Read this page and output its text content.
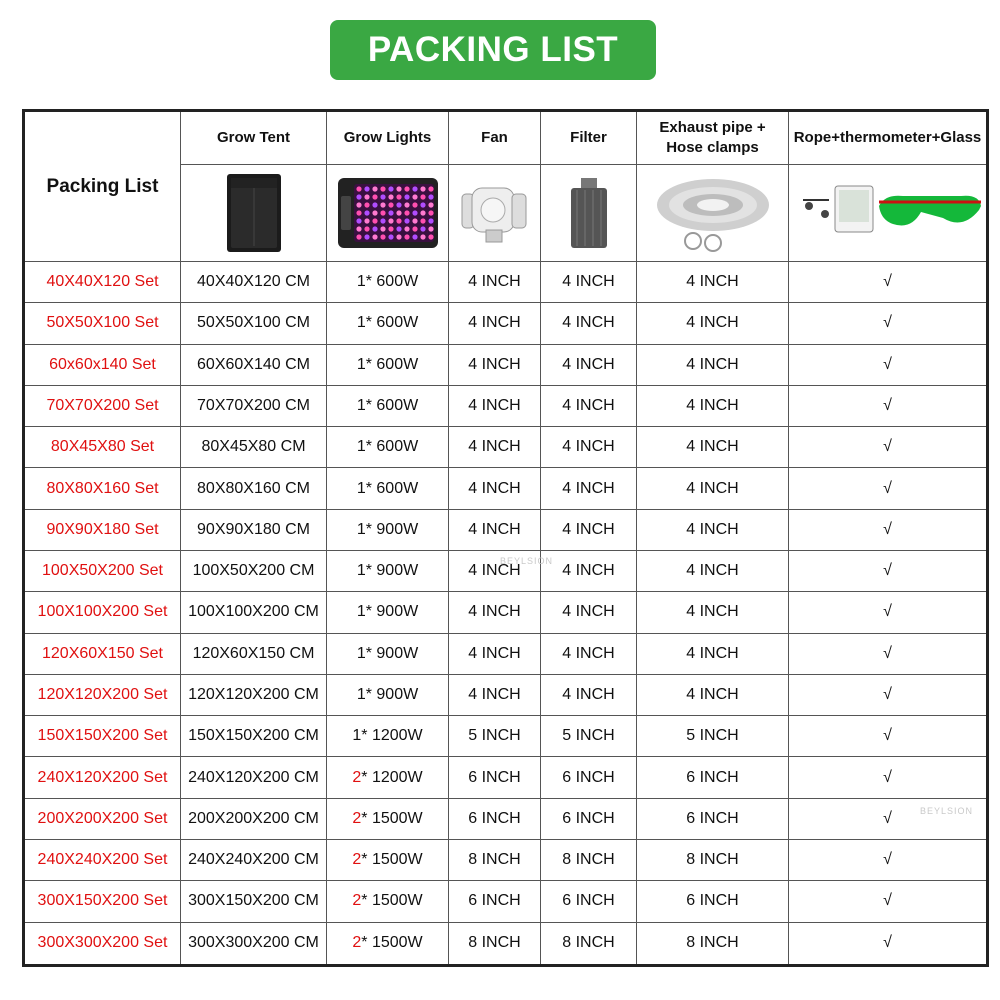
PACKING LIST
Packing List	Grow Tent	Grow Lights	Fan	Filter	Exhaust pipe +
Hose clamps	Rope+thermometer+Glass

40X40X120 Set	40X40X120 CM	1* 600W	4 INCH	4 INCH	4 INCH	√
50X50X100 Set	50X50X100 CM	1* 600W	4 INCH	4 INCH	4 INCH	√
60x60x140 Set	60X60X140 CM	1* 600W	4 INCH	4 INCH	4 INCH	√
70X70X200 Set	70X70X200 CM	1* 600W	4 INCH	4 INCH	4 INCH	√
80X45X80 Set	80X45X80 CM	1* 600W	4 INCH	4 INCH	4 INCH	√
80X80X160 Set	80X80X160 CM	1* 600W	4 INCH	4 INCH	4 INCH	√
90X90X180 Set	90X90X180 CM	1* 900W	4 INCH	4 INCH	4 INCH	√
100X50X200 Set	100X50X200 CM	1* 900W	4 INCH	4 INCH	4 INCH	√
100X100X200 Set	100X100X200 CM	1* 900W	4 INCH	4 INCH	4 INCH	√
120X60X150 Set	120X60X150 CM	1* 900W	4 INCH	4 INCH	4 INCH	√
120X120X200 Set	120X120X200 CM	1* 900W	4 INCH	4 INCH	4 INCH	√
150X150X200 Set	150X150X200 CM	1* 1200W	5 INCH	5 INCH	5 INCH	√
240X120X200 Set	240X120X200 CM	2* 1200W	6 INCH	6 INCH	6 INCH	√
200X200X200 Set	200X200X200 CM	2* 1500W	6 INCH	6 INCH	6 INCH	√
240X240X200 Set	240X240X200 CM	2* 1500W	8 INCH	8 INCH	8 INCH	√
300X150X200 Set	300X150X200 CM	2* 1500W	6 INCH	6 INCH	6 INCH	√
300X300X200 Set	300X300X200 CM	2* 1500W	8 INCH	8 INCH	8 INCH	√
BEYLSION
BEYLSION
